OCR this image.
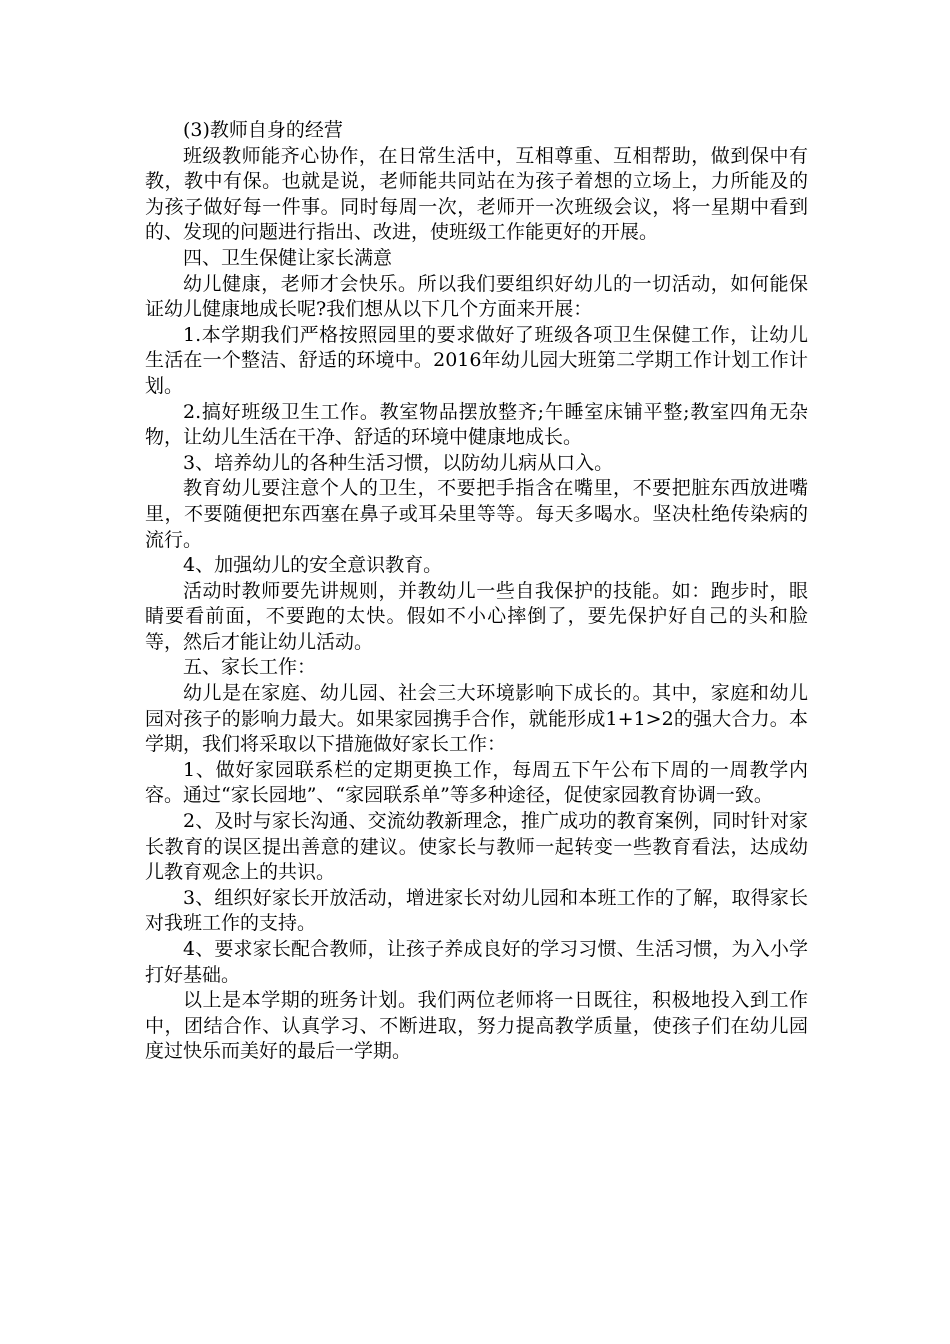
(3)教师自身的经营

班级教师能齐心协作，在日常生活中，互相尊重、互相帮助，做到保中有教，教中有保。也就是说，老师能共同站在为孩子着想的立场上，力所能及的为孩子做好每一件事。同时每周一次，老师开一次班级会议，将一星期中看到的、发现的问题进行指出、改进，使班级工作能更好的开展。

四、卫生保健让家长满意

幼儿健康，老师才会快乐。所以我们要组织好幼儿的一切活动，如何能保证幼儿健康地成长呢?我们想从以下几个方面来开展：

1.本学期我们严格按照园里的要求做好了班级各项卫生保健工作，让幼儿生活在一个整洁、舒适的环境中。2016年幼儿园大班第二学期工作计划工作计划。

2.搞好班级卫生工作。教室物品摆放整齐;午睡室床铺平整;教室四角无杂物，让幼儿生活在干净、舒适的环境中健康地成长。

3、培养幼儿的各种生活习惯，以防幼儿病从口入。

教育幼儿要注意个人的卫生，不要把手指含在嘴里，不要把脏东西放进嘴里，不要随便把东西塞在鼻子或耳朵里等等。每天多喝水。坚决杜绝传染病的流行。

4、加强幼儿的安全意识教育。

活动时教师要先讲规则，并教幼儿一些自我保护的技能。如：跑步时，眼睛要看前面，不要跑的太快。假如不小心摔倒了，要先保护好自己的头和脸等，然后才能让幼儿活动。

五、家长工作：

幼儿是在家庭、幼儿园、社会三大环境影响下成长的。其中，家庭和幼儿园对孩子的影响力最大。如果家园携手合作，就能形成1+1>2的强大合力。本学期，我们将采取以下措施做好家长工作：

1、做好家园联系栏的定期更换工作，每周五下午公布下周的一周教学内容。通过“家长园地”、“家园联系单”等多种途径，促使家园教育协调一致。

2、及时与家长沟通、交流幼教新理念，推广成功的教育案例，同时针对家长教育的误区提出善意的建议。使家长与教师一起转变一些教育看法，达成幼儿教育观念上的共识。

3、组织好家长开放活动，增进家长对幼儿园和本班工作的了解，取得家长对我班工作的支持。

4、要求家长配合教师，让孩子养成良好的学习习惯、生活习惯，为入小学打好基础。

以上是本学期的班务计划。我们两位老师将一日既往，积极地投入到工作中，团结合作、认真学习、不断进取，努力提高教学质量，使孩子们在幼儿园度过快乐而美好的最后一学期。
